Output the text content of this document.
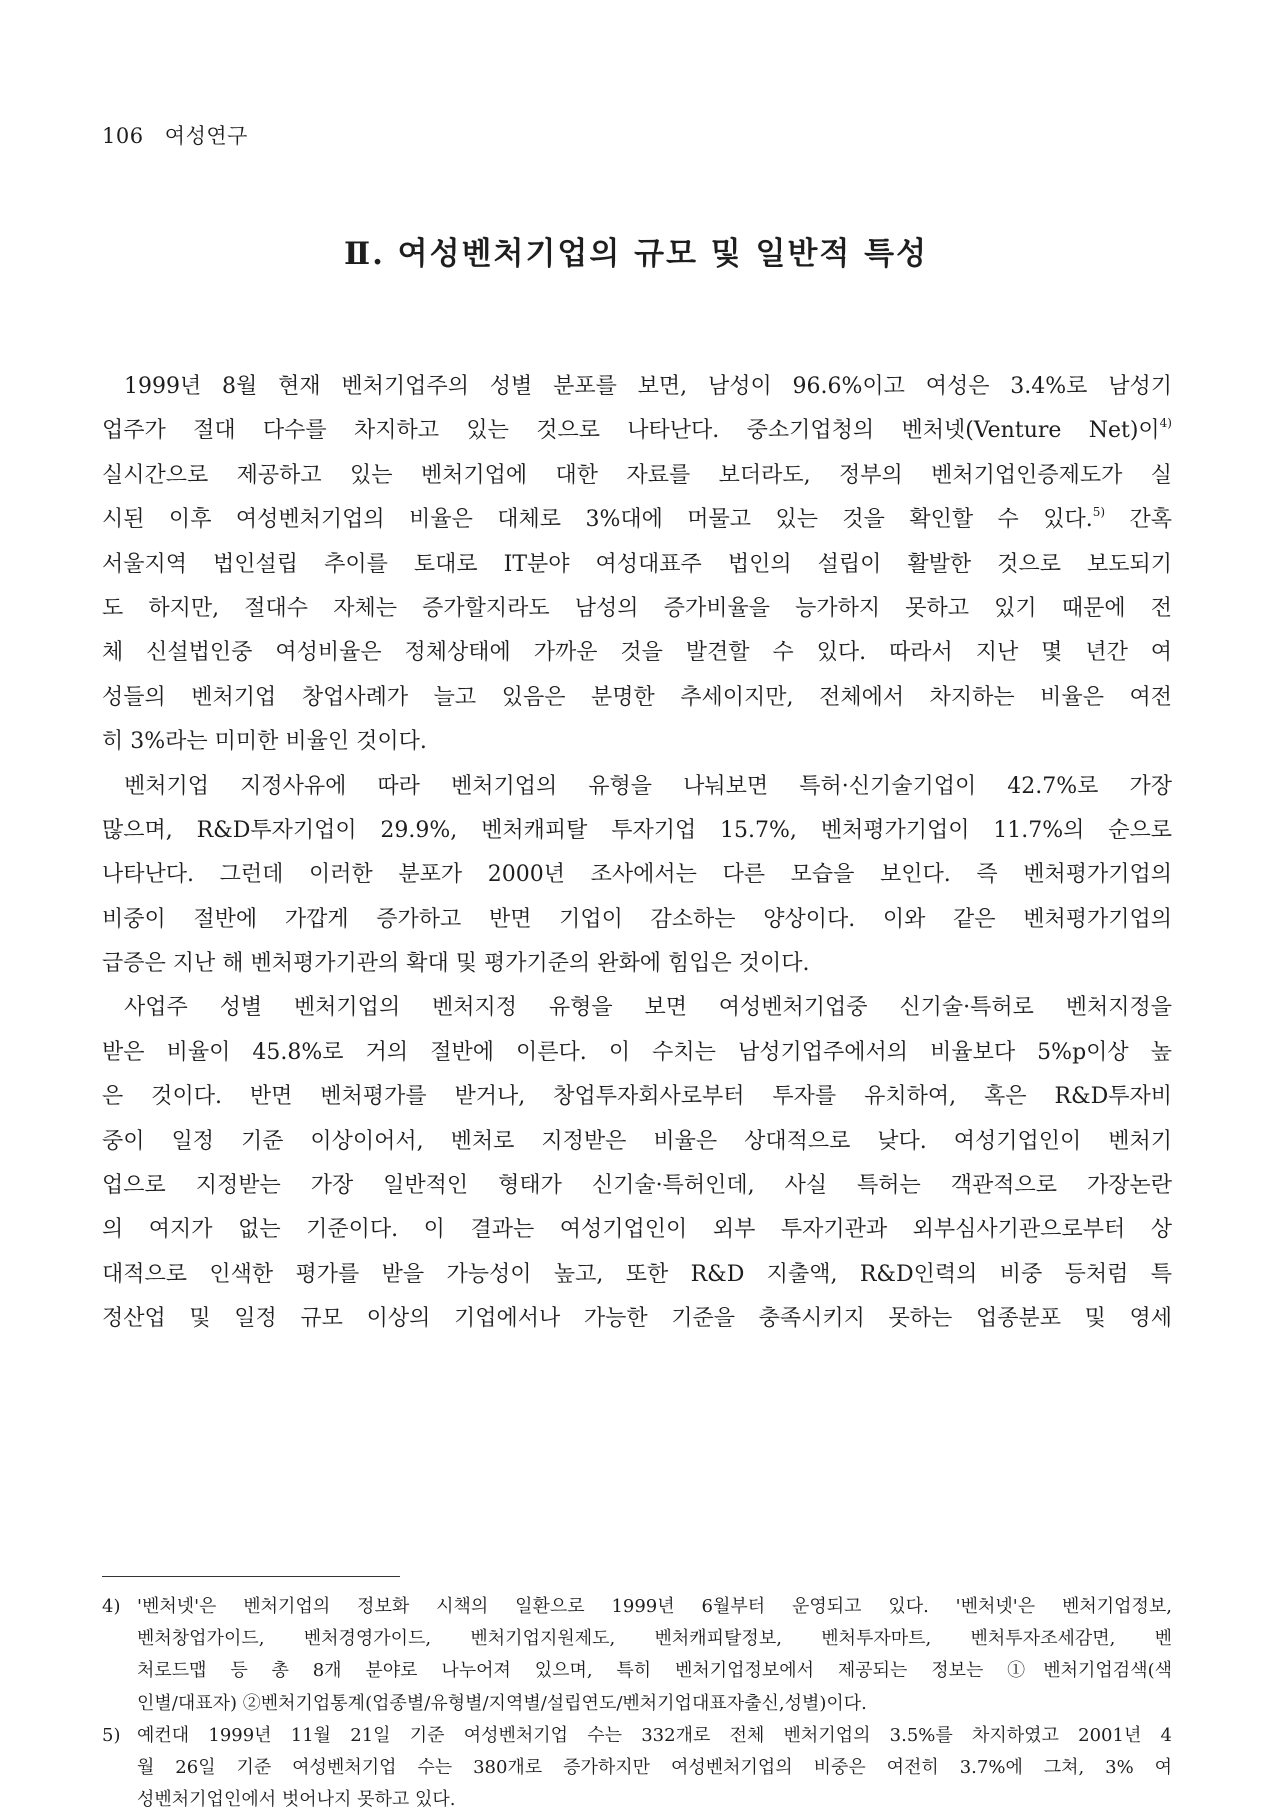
106 여성연구
Ⅱ. 여성벤처기업의 규모 및 일반적 특성
1999년 8월 현재 벤처기업주의 성별 분포를 보면, 남성이 96.6%이고 여성은 3.4%로 남성기
업주가 절대 다수를 차지하고 있는 것으로 나타난다. 중소기업청의 벤처넷(Venture Net)이$^{4)}$
실시간으로 제공하고 있는 벤처기업에 대한 자료를 보더라도, 정부의 벤처기업인증제도가 실
시된 이후 여성벤처기업의 비율은 대체로 3%대에 머물고 있는 것을 확인할 수 있다.$^{5)}$ 간혹
서울지역 법인설립 추이를 토대로 IT분야 여성대표주 법인의 설립이 활발한 것으로 보도되기
도 하지만, 절대수 자체는 증가할지라도 남성의 증가비율을 능가하지 못하고 있기 때문에 전
체 신설법인중 여성비율은 정체상태에 가까운 것을 발견할 수 있다. 따라서 지난 몇 년간 여
성들의 벤처기업 창업사례가 늘고 있음은 분명한 추세이지만, 전체에서 차지하는 비율은 여전
히 3%라는 미미한 비율인 것이다.
벤처기업 지정사유에 따라 벤처기업의 유형을 나눠보면 특허·신기술기업이 42.7%로 가장
많으며, R&D투자기업이 29.9%, 벤처캐피탈 투자기업 15.7%, 벤처평가기업이 11.7%의 순으로
나타난다. 그런데 이러한 분포가 2000년 조사에서는 다른 모습을 보인다. 즉 벤처평가기업의
비중이 절반에 가깝게 증가하고 반면 기업이 감소하는 양상이다. 이와 같은 벤처평가기업의
급증은 지난 해 벤처평가기관의 확대 및 평가기준의 완화에 힘입은 것이다.
사업주 성별 벤처기업의 벤처지정 유형을 보면 여성벤처기업중 신기술·특허로 벤처지정을
받은 비율이 45.8%로 거의 절반에 이른다. 이 수치는 남성기업주에서의 비율보다 5%p이상 높
은 것이다. 반면 벤처평가를 받거나, 창업투자회사로부터 투자를 유치하여, 혹은 R&D투자비
중이 일정 기준 이상이어서, 벤처로 지정받은 비율은 상대적으로 낮다. 여성기업인이 벤처기
업으로 지정받는 가장 일반적인 형태가 신기술·특허인데, 사실 특허는 객관적으로 가장논란
의 여지가 없는 기준이다. 이 결과는 여성기업인이 외부 투자기관과 외부심사기관으로부터 상
대적으로 인색한 평가를 받을 가능성이 높고, 또한 R&D 지출액, R&D인력의 비중 등처럼 특
정산업 및 일정 규모 이상의 기업에서나 가능한 기준을 충족시키지 못하는 업종분포 및 영세
4) '벤처넷'은 벤처기업의 정보화 시책의 일환으로 1999년 6월부터 운영되고 있다. '벤처넷'은 벤처기업정보,
벤처창업가이드, 벤처경영가이드, 벤처기업지원제도, 벤처캐피탈정보, 벤처투자마트, 벤처투자조세감면, 벤
처로드맵 등 총 8개 분야로 나누어져 있으며, 특히 벤처기업정보에서 제공되는 정보는 ①벤처기업검색(색
인별/대표자) ②벤처기업통계(업종별/유형별/지역별/설립연도/벤처기업대표자출신,성별)이다.
5) 예컨대 1999년 11월 21일 기준 여성벤처기업 수는 332개로 전체 벤처기업의 3.5%를 차지하였고 2001년 4
월 26일 기준 여성벤처기업 수는 380개로 증가하지만 여성벤처기업의 비중은 여전히 3.7%에 그쳐, 3% 여
성벤처기업인에서 벗어나지 못하고 있다.
